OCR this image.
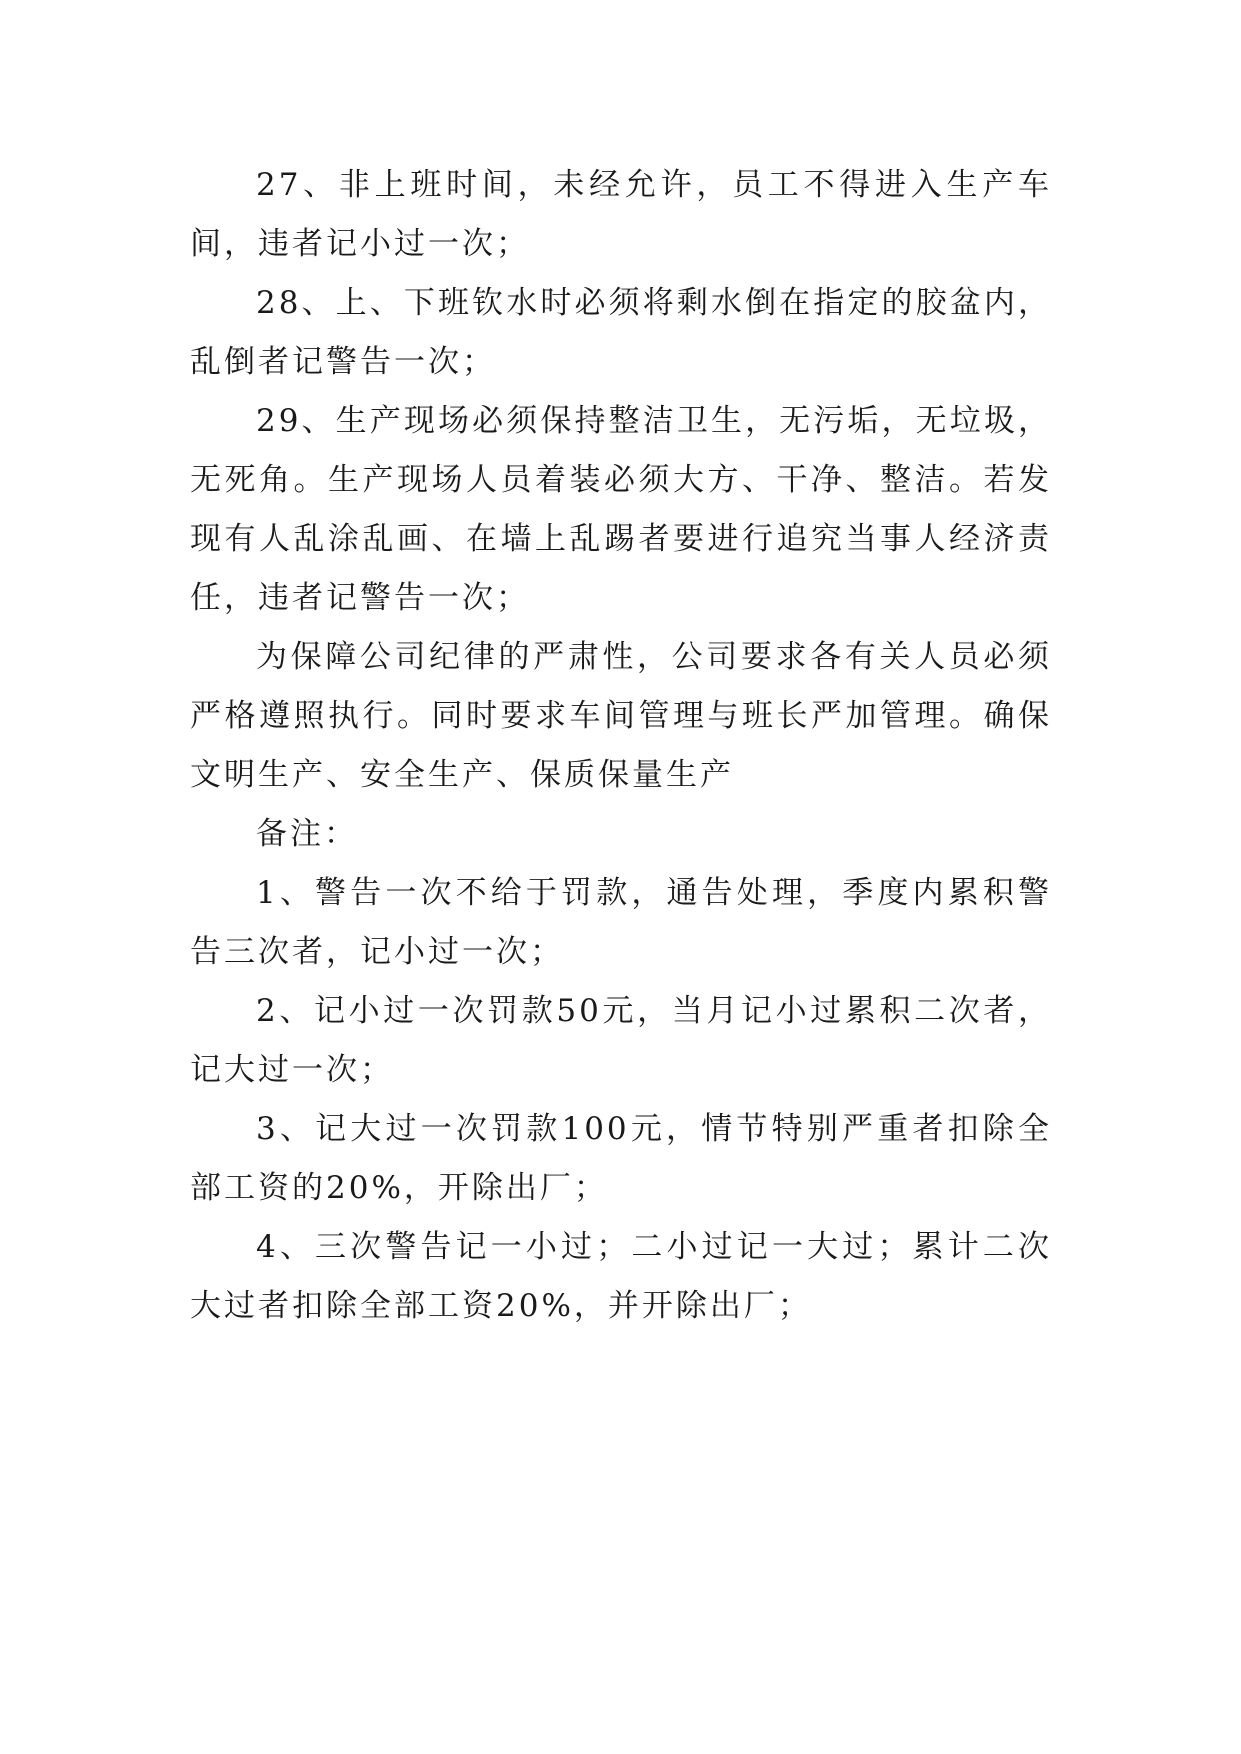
27、非上班时间，未经允许，员工不得进入生产车间，违者记小过一次；

28、上、下班钦水时必须将剩水倒在指定的胶盆内，乱倒者记警告一次；

29、生产现场必须保持整洁卫生，无污垢，无垃圾，无死角。生产现场人员着装必须大方、干净、整洁。若发现有人乱涂乱画、在墙上乱踢者要进行追究当事人经济责任，违者记警告一次；

为保障公司纪律的严肃性，公司要求各有关人员必须严格遵照执行。同时要求车间管理与班长严加管理。确保文明生产、安全生产、保质保量生产

备注：

1、警告一次不给于罚款，通告处理，季度内累积警告三次者，记小过一次；

2、记小过一次罚款50元，当月记小过累积二次者，记大过一次；

3、记大过一次罚款100元，情节特别严重者扣除全部工资的20%，开除出厂；

4、三次警告记一小过；二小过记一大过；累计二次大过者扣除全部工资20%，并开除出厂；
